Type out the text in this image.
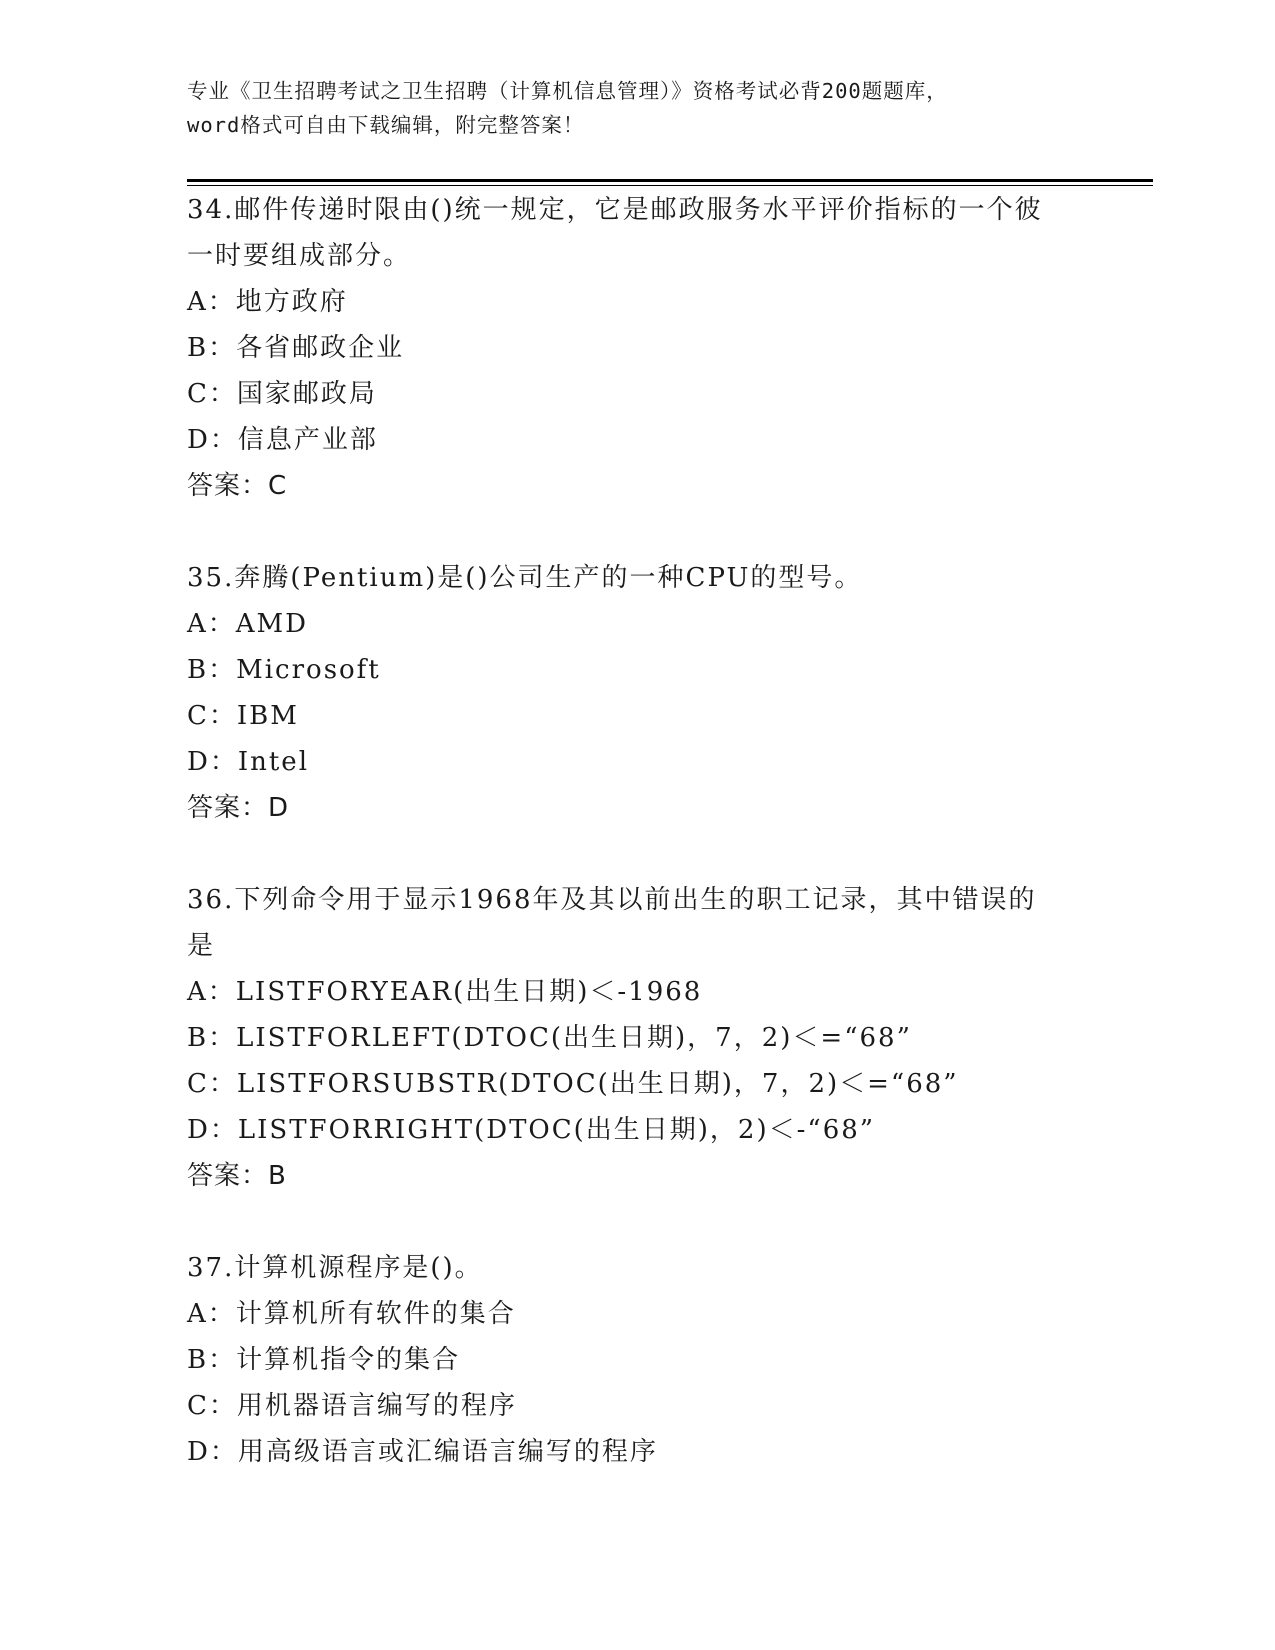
专业《卫生招聘考试之卫生招聘（计算机信息管理）》资格考试必背200题题库，
word格式可自由下载编辑，附完整答案！
34.邮件传递时限由()统一规定，它是邮政服务水平评价指标的一个彼
一时要组成部分。
A：地方政府
B：各省邮政企业
C：国家邮政局
D：信息产业部
答案：C
35.奔腾(Pentium)是()公司生产的一种CPU的型号。
A：AMD
B：Microsoft
C：IBM
D：Intel
答案：D
36.下列命令用于显示1968年及其以前出生的职工记录，其中错误的
是
A：LISTFORYEAR(出生日期)＜-1968
B：LISTFORLEFT(DTOC(出生日期)，7，2)＜=“68”
C：LISTFORSUBSTR(DTOC(出生日期)，7，2)＜=“68”
D：LISTFORRIGHT(DTOC(出生日期)，2)＜-“68”
答案：B
37.计算机源程序是()。
A：计算机所有软件的集合
B：计算机指令的集合
C：用机器语言编写的程序
D：用高级语言或汇编语言编写的程序
